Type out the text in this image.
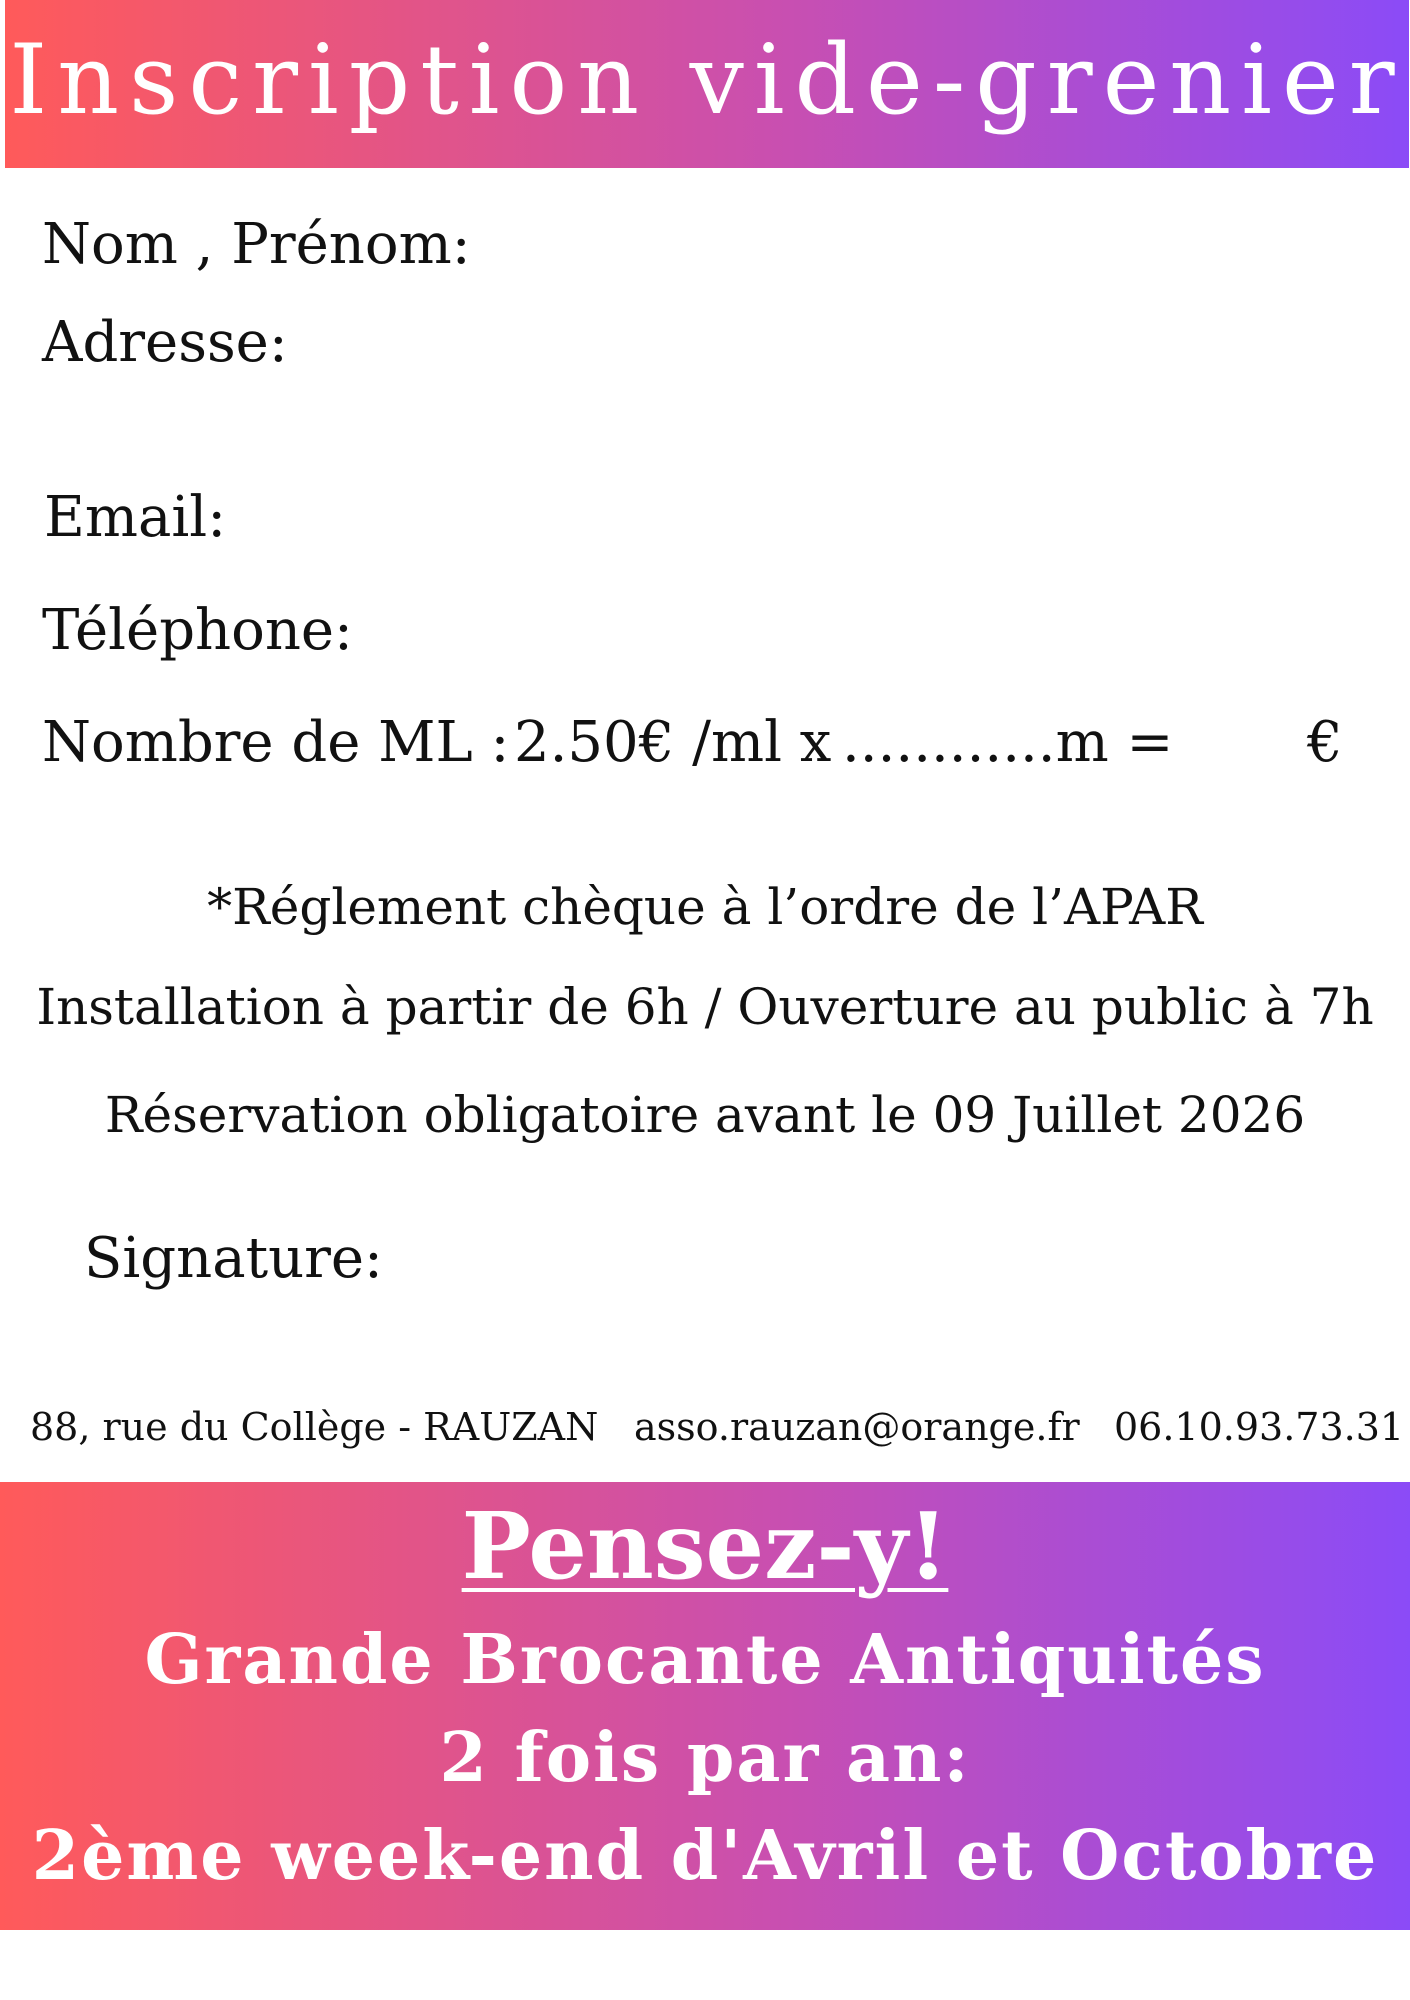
Inscription vide-grenier
Nom , Prénom:
Adresse:
Email:
Téléphone:
Nombre de ML : 2.50€ /ml x ............m = €
*Réglement chèque à l’ordre de l’APAR
Installation à partir de 6h / Ouverture au public à 7h
Réservation obligatoire avant le 09 Juillet 2026
Signature:
88, rue du Collège - RAUZAN asso.rauzan@orange.fr 06.10.93.73.31
Pensez-y!
Grande Brocante Antiquités
2 fois par an:
2ème week-end d'Avril et Octobre
